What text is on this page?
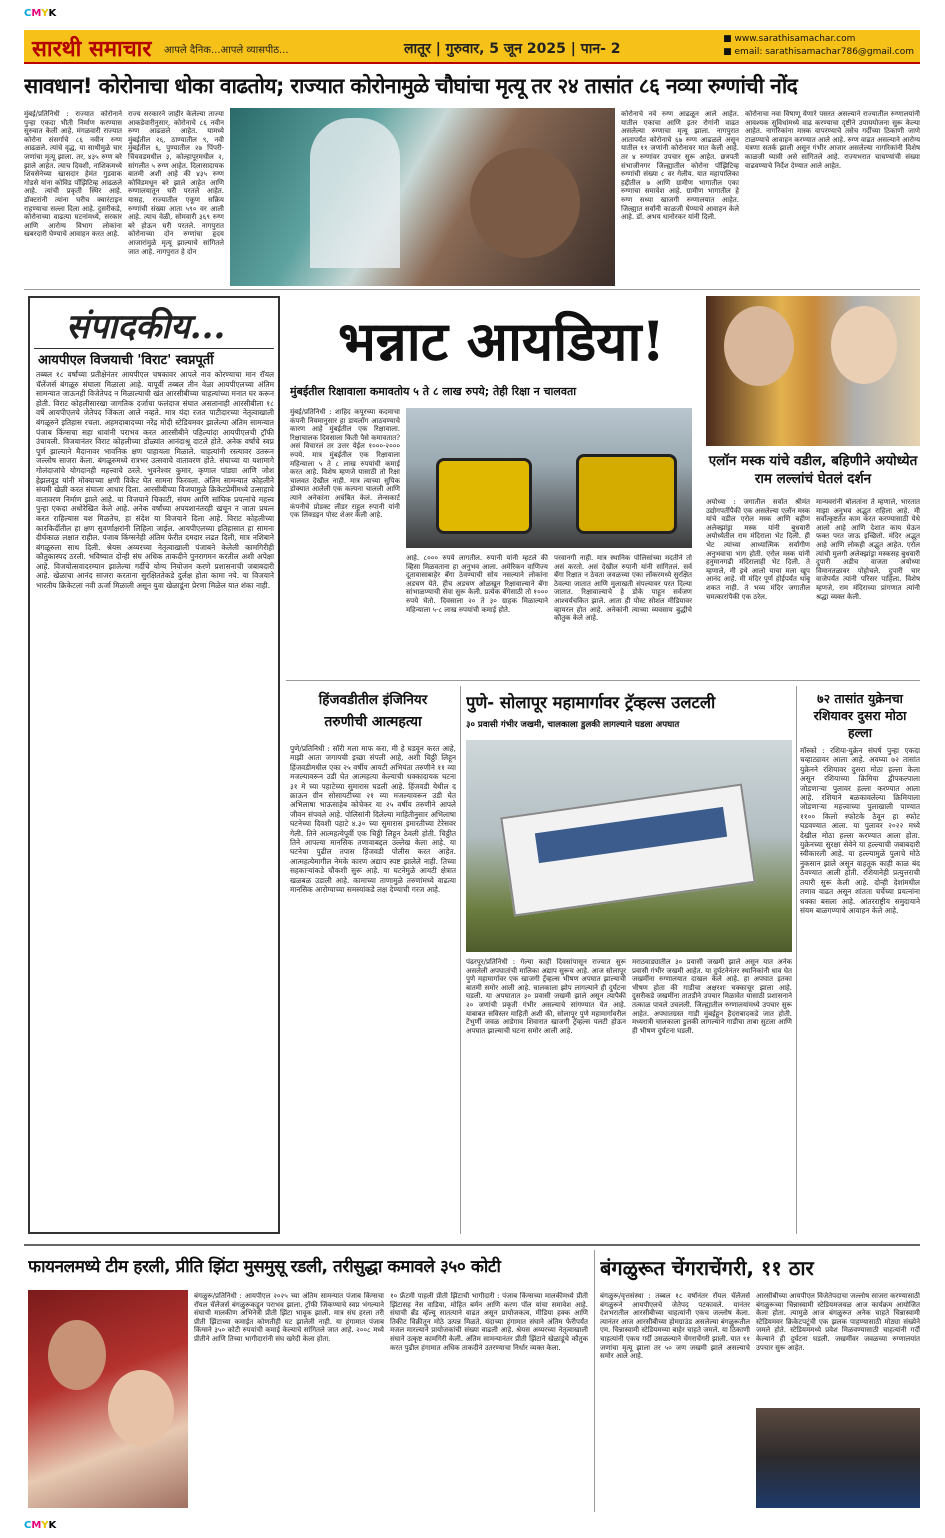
CMYK
CMYK
सारथी समाचार आपले दैनिक...आपले व्यासपीठ...	लातूर | गुरुवार, 5 जून 2025 | पान- 2
■ www.sarathisamachar.com
■ email: sarathisamachar786@gmail.com
सावधान! कोरोनाचा धोका वाढतोय; राज्यात कोरोनामुळे चौघांचा मृत्यू तर २४ तासांत ८६ नव्या रुग्णांची नोंद
मुंबई/प्रतिनिधी : राज्यात कोरोनाने पुन्हा एकदा भीती निर्माण करण्यास सुरुवात केली आहे. मंगळवारी राज्यात कोरोना संसर्गाचे ८६ नवीन रुग्ण आढळले. त्यांचे वृद्ध, या साथीमुळे चार जणांचा मृत्यू झाला. तर, ४३५ रुग्ण बरे झाले आहेत. त्याच दिवशी, नाशिकमध्ये शिवसेनेच्या खासदार हेमंत गुडवाक गोडसे यांना कोविड पॉझिटिव्ह आढळले आहे. त्यांची प्रकृती स्थिर आहे. डॉक्टरांनी त्यांना घरीच क्वारंटाइन राहण्याचा सल्ला दिला आहे. दुसरीकडे, कोरोनाच्या वाढत्या घटनांमध्ये, सरकार आणि आरोग्य विभाग लोकांना खबरदारी घेण्याचे आवाहन करत आहे.
राज्य सरकारने जाहीर केलेल्या ताज्या आकडेवारीनुसार, कोरोनाचे ८६ नवीन रुग्ण आढळले आहेत. यामध्ये मुंबईतील २६, ठाण्यातील ९, नवी मुंबईतील ६, पुण्यातील २७ पिंपरी-चिंचवडमधील ३, कोल्हापूरमधील २, सांगलीत ५ रुग्ण आहेत. दिलासादायक बातमी अशी आहे की ४३५ रुग्ण कोविडमधून बरे झाले आहेत आणि रुग्णालयातून घरी परतले आहेत. यासह, राज्यातील एकूण सक्रिय रुग्णांची संख्या आता ५९० वर आली आहे. त्याच वेळी, सोमवारी ३६९ रुग्ण बरे होऊन घरी परतले. नागपुरात कोरोनाच्या दोन रुग्णांचा हृदय आजारांमुळे मृत्यू झाल्याचे सांगितले जात आहे. नागपुरात हे दोन
कोरोनाचे नवे रुग्ण आढळून आले आहेत. यातील एकाचा आणि इतर रोगांनी वाढत असलेल्या रुग्णाचा मृत्यू झाला. नागपुरात आतापर्यंत कोरोनाचे ६७ रुग्ण आढळले असून यातील ११ जणांनी कोरोनावर मात केली आहे. तर ४ रुग्णांवर उपचार सुरू आहेत. छत्रपती संभाजीनगर जिल्ह्यातील कोरोना पॉझिटिव्ह रुग्णांची संख्या ८ वर गेलीय. यात महापालिका हद्दीतील ७ आणि ग्रामीण भागातील एका रुग्णाचा समावेश आहे. ग्रामीण भागातील हे रुग्ण सध्या खाजगी रुग्णालयात आहेत. जिल्ह्यात सर्वांनी काळजी घेण्याचे आवाहन केले आहे. डॉ. अभय धानोरकर यांनी दिली.
कोरोनाचा नवा विषाणू येणारे पसरत असल्याने राज्यातील रुग्णालयांनी आवश्यक सुविधांमध्ये वाढ करण्याचा दृष्टीने उपाययोजना सुरू केल्या आहेत. नागरिकांना मास्क वापरण्याचे तसेच गर्दीच्या ठिकाणी जाणे टाळण्याचे आवाहन करण्यात आले आहे. रुग्ण वाढत असल्याने आरोग्य यंत्रणा सतर्क झाली असून गंभीर आजार असलेल्या नागरिकांनी विशेष काळजी घ्यावी असे सांगितले आहे. राज्यभरात चाचण्यांची संख्या वाढवण्याचे निर्देश देण्यात आले आहेत.
संपादकीय...
आयपीएल विजयाची 'विराट' स्वप्नपूर्ती
तब्बल १८ वर्षांच्या प्रतीक्षेनंतर आयपीएल चषकावर आपले नाव कोरण्याचा मान रॉयल चॅलेंजर्स बंगळूरु संघाला मिळाला आहे. यापूर्वी तब्बल तीन वेळा आयपीएलच्या अंतिम सामन्यात जाऊनही विजेतेपद न मिळाल्याची खंत आरसीबीच्या चाहत्यांच्या मनात घर करून होती. विराट कोहलीसारखा जागतिक दर्जाचा फलंदाज संघात असतानाही आरसीबीला १८ वर्षे आयपीएलचे जेतेपद जिंकता आले नव्हते. मात्र यंदा रजत पाटीदारच्या नेतृत्वाखाली बंगळूरुने इतिहास रचला. अहमदाबादच्या नरेंद्र मोदी स्टेडियमवर झालेल्या अंतिम सामन्यात पंजाब किंग्सचा सहा धावांनी पराभव करत आरसीबीने पहिल्यांदा आयपीएलची ट्रॉफी उंचावली. विजयानंतर विराट कोहलीच्या डोळ्यांत आनंदाश्रू दाटले होते. अनेक वर्षांचे स्वप्न पूर्ण झाल्याने मैदानावर भावनिक क्षण पाहायला मिळाले. चाहत्यांनी रस्त्यावर उतरून जल्लोष साजरा केला. बंगळूरुमध्ये रात्रभर उत्सवाचे वातावरण होते. संघाच्या या यशामागे गोलंदाजांचे योगदानही महत्त्वाचे ठरले. भुवनेश्वर कुमार, कृणाल पांड्या आणि जोश हेझलवूड यांनी मोक्याच्या क्षणी विकेट घेत सामना फिरवला. अंतिम सामन्यात कोहलीने संयमी खेळी करत संघाला आधार दिला. आरसीबीच्या विजयामुळे क्रिकेटप्रेमींमध्ये उत्साहाचे वातावरण निर्माण झाले आहे. या विजयाने चिकाटी, संयम आणि सांघिक प्रयत्नांचे महत्त्व पुन्हा एकदा अधोरेखित केले आहे. अनेक वर्षांच्या अपयशानंतरही खचून न जाता प्रयत्न करत राहिल्यास यश मिळतेच, हा संदेश या विजयाने दिला आहे. विराट कोहलीच्या कारकिर्दीतील हा क्षण सुवर्णाक्षरांनी लिहिला जाईल. आयपीएलच्या इतिहासात हा सामना दीर्घकाळ लक्षात राहील. पंजाब किंग्सनेही अंतिम फेरीत दमदार लढत दिली, मात्र नशिबाने बंगळूरुला साथ दिली. श्रेयस अय्यरच्या नेतृत्वाखाली पंजाबने केलेली कामगिरीही कौतुकास्पद ठरली. भविष्यात दोन्ही संघ अधिक ताकदीने पुनरागमन करतील अशी अपेक्षा आहे. विजयोत्सवादरम्यान झालेल्या गर्दीचे योग्य नियोजन करणे प्रशासनाची जबाबदारी आहे. खेळाचा आनंद साजरा करताना सुरक्षिततेकडे दुर्लक्ष होता कामा नये. या विजयाने भारतीय क्रिकेटला नवी ऊर्जा मिळाली असून युवा खेळाडूंना प्रेरणा मिळेल यात शंका नाही.
भन्नाट आयडिया!
मुंबईतील रिक्षावाला कमावतोय ५ ते ८ लाख रुपये; तेही रिक्षा न चालवता
मुंबई/प्रतिनिधी : शाहिद कपूरच्या कदमाचा कंपनी नियमानुसार हा डायलॉग आठवण्याचे कारण आहे मुंबईतील एक रिक्षावाला. रिक्षाचालक दिवसाला किती पैसे कमावतात? असं विचारलं तर उत्तर येईल १०००-२००० रुपये. मात्र मुंबईतील एक रिक्षावाला महिन्याला ५ ते ८ लाख रुपयांची कमाई करत आहे. विशेष म्हणजे यासाठी तो रिक्षा चालवत देखील नाही. मात्र त्याच्या सुपिक डोक्यात आलेली एक कल्पना चालली आणि त्याने अनेकांना अचंबित केलं. लेन्सकार्ट कंपनीचे प्रोडक्ट लीडर राहुल रुपानी यांनी एक लिंक्डइन पोस्ट शेअर केली आहे.
आहे. ८००० रुपये लागतील. रुपानी यांनी म्हटले की व्हिसा मिळवताना हा अनुभव आला. अमेरिकन वाणिज्य दूतावासाबाहेर बॅगा ठेवण्याची सोय नसल्याने लोकांना अडचण येते. हीच अडचण ओळखून रिक्षावाल्याने बॅगा सांभाळण्याची सेवा सुरू केली. प्रत्येक बॅगेसाठी तो १००० रुपये घेतो. दिवसाला २० ते ३० ग्राहक मिळाल्याने महिन्याला ५-८ लाख रुपयांची कमाई होते.
परवानगी नाही. मात्र स्थानिक पोलिसांच्या मदतीने तो असं करतो. असं देखील रुपानी यांनी सांगितलं. सर्व बॅगा रिक्षात न ठेवता जवळच्या एका लॉकरमध्ये सुरक्षित ठेवल्या जातात आणि मुलाखती संपल्यावर परत दिल्या जातात. रिक्षावाल्याचे हे डोके पाहून सर्वजण आश्चर्यचकित झाले. आता ही पोस्ट सोशल मीडियावर व्हायरल होत आहे. अनेकांनी त्याच्या व्यवसाय बुद्धीचे कौतुक केले आहे.
एलॉन मस्क यांचे वडील, बहिणीने अयोध्येत राम लल्लांचं घेतलं दर्शन
अयोध्या : जगातील सर्वात श्रीमंत उद्योगपतींपैकी एक असलेल्या एलॉन मस्क यांचे वडील एरोल मस्क आणि बहीण अलेक्झांड्रा मस्क यांनी बुधवारी अयोध्येतील राम मंदिराला भेट दिली. ही भेट त्यांच्या आध्यात्मिक सर्वांगीण अनुभवाचा भाग होती. एरोल मस्क यांनी हनुमानगढी मंदिरालाही भेट दिली. ते म्हणाले, मी इथे आलो याचा मला खूप आनंद आहे. मी मंदिर पूर्ण होईपर्यंत थांबू शकत नाही. ते भव्य मंदिर जगातील चमत्कारांपैकी एक ठरेल.
मान्यवरांनी बोलतांना ते म्हणाले, भारतात माझा अनुभव अद्भुत राहिला आहे. मी सर्वोत्कृष्टतेत काम करत करण्यासाठी येथे आलो आहे आणि देशात काय घेऊन फक्त परत जाऊ इच्छितो. मंदिर अद्भुत आहे आणि लोकही अद्भुत आहेत. एरोल त्यांची मुलगी अलेक्झांड्रा मस्कसह बुधवारी दुपारी अडीच वाजता अयोध्या विमानतळावर पोहोचले. दुपारी चार वाजेपर्यंत त्यांनी परिसर पाहिला. विशेष म्हणजे, राम मंदिराच्या प्रांगणात त्यांनी श्रद्धा व्यक्त केली.
हिंजवडीतील इंजिनियर
तरुणीची आत्महत्या
पुणे/प्रतिनिधी : सॉरी मला माफ करा, मी हे घडवून करत आहे, माझी आता जगायची इच्छा संपली आहे, अशी चिठ्ठी लिहून हिंजवडीमधील एका २५ वर्षीय आयटी अभियंता तरुणीने ११ व्या मजल्यावरून उडी घेत आत्महत्या केल्याची धक्कादायक घटना ३१ मे च्या पहाटेच्या सुमारास घडली आहे. हिंजवडी येथील द क्राऊन ग्रीन सोसायटीच्या २१ व्या मजल्यावरून उडी घेत अभिलाषा भाऊसाहेब कोचेकर या २५ वर्षीय तरुणीने आपले जीवन संपवले आहे. पोलिसांनी दिलेल्या माहितीनुसार अभिलाषा घटनेच्या दिवशी पहाटे ४.३० च्या सुमारास इमारतीच्या टेरेसवर गेली. तिने आत्महत्येपूर्वी एक चिठ्ठी लिहून ठेवली होती. चिठ्ठीत तिने आपल्या मानसिक तणावाबद्दल उल्लेख केला आहे. या घटनेचा पुढील तपास हिंजवडी पोलीस करत आहेत. आत्महत्येमागील नेमके कारण अद्याप स्पष्ट झालेले नाही. तिच्या सहकाऱ्यांकडे चौकशी सुरू आहे. या घटनेमुळे आयटी क्षेत्रात खळबळ उडाली आहे. कामाच्या ताणामुळे तरुणांमध्ये वाढत्या मानसिक आरोग्याच्या समस्यांकडे लक्ष देण्याची गरज आहे.
पुणे- सोलापूर महामार्गावर ट्रॅव्हल्स उलटली
३० प्रवासी गंभीर जखमी, चालकाला डुलकी लागल्याने घडला अपघात
पंढरपूर/प्रतिनिधी : गेल्या काही दिवसांपासून राज्यात सुरू असलेली अपघातांची मालिका अद्याप सुरूच आहे. आज सोलापूर पुणे महामार्गावर एक खाजगी ट्रॅव्हल्स भीषण अपघात झाल्याची बातमी समोर आली आहे. चालकाला झोप लागल्याने ही दुर्घटना घडली. या अपघातात ३० प्रवासी जखमी झाले असून त्यापैकी २० जणांची प्रकृती गंभीर असल्याचे सांगण्यात येत आहे. याबाबत सविस्तर माहिती अशी की, सोलापूर पुणे महामार्गावरील टेंभुर्णी जवळ आडेगाव शिवारात खाजगी ट्रॅव्हल्स पलटी होऊन अपघात झाल्याची घटना समोर आली आहे.
मराठवाड्यातील ३० प्रवासी जखमी झाले असून यात अनेक प्रवासी गंभीर जखमी आहेत. या दुर्घटनेनंतर स्थानिकांनी धाव घेत जखमींना रुग्णालयात दाखल केले आहे. हा अपघात इतका भीषण होता की गाडीचा अक्षरशः चक्काचूर झाला आहे. दुसरीकडे जखमींना तातडीने उपचार मिळावेत यासाठी प्रशासनाने तत्काळ पावले उचलली. जिल्ह्यातील रुग्णालयांमध्ये उपचार सुरू आहेत. अपघातग्रस्त गाडी मुंबईहून हैदराबादकडे जात होती. मध्यरात्री चालकाला डुलकी लागल्याने गाडीचा ताबा सुटला आणि ही भीषण दुर्घटना घडली.
७२ तासांत युक्रेनचा रशियावर दुसरा मोठा हल्ला
मॉस्को : रशिया-युक्रेन संघर्ष पुन्हा एकदा चव्हाट्यावर आला आहे. अवघ्या ७२ तासांत युक्रेनने रशियावर दुसरा मोठा हल्ला केला असून रशियाच्या क्रिमिया द्वीपकल्पाला जोडणाऱ्या पुलावर हल्ला करण्यात आला आहे. रशियाने बळकावलेल्या क्रिमियाला जोडणाऱ्या महत्त्वाच्या पुलाखाली पाण्यात ११०० किलो स्फोटके ठेवून हा स्फोट घडवण्यात आला. या पुलावर २०२२ मध्ये देखील मोठा हल्ला करण्यात आला होता. युक्रेनच्या सुरक्षा सेवेने या हल्ल्याची जबाबदारी स्वीकारली आहे. या हल्ल्यामुळे पुलाचे मोठे नुकसान झाले असून वाहतूक काही काळ बंद ठेवण्यात आली होती. रशियानेही प्रत्युत्तराची तयारी सुरू केली आहे. दोन्ही देशांमधील तणाव वाढत असून शांतता चर्चेच्या प्रयत्नांना धक्का बसला आहे. आंतरराष्ट्रीय समुदायाने संयम बाळगण्याचे आवाहन केले आहे.
फायनलमध्ये टीम हरली, प्रीति झिंटा मुसमुसू रडली, तरीसुद्धा कमावले ३५० कोटी
बंगळुरू/प्रतिनिधी : आयपीएल २०२५ च्या अंतिम सामन्यात पंजाब किंग्सचा रॉयल चॅलेंजर्स बंगळुरूकडून पराभव झाला. ट्रॉफी जिंकण्याचे स्वप्न भंगल्याने संघाची मालकीण अभिनेत्री प्रीती झिंटा भावूक झाली. मात्र संघ हरला तरी प्रीती झिंटाच्या कमाईत कोणतीही घट झालेली नाही. या हंगामात पंजाब किंग्सने ३५० कोटी रुपयांची कमाई केल्याचे सांगितले जात आहे. २००८ मध्ये प्रीतीने आणि तिच्या भागीदारांनी संघ खरेदी केला होता.
१० फ्रँटमी पाहली प्रीती झिंटाची भागीदारी : पंजाब किंग्सच्या मालकीमध्ये प्रीती झिंटासह नेस वाडिया, मोहित बर्मन आणि करण पॉल यांचा समावेश आहे. संघाची ब्रँड व्हॅल्यू सातत्याने वाढत असून प्रायोजकत्व, मीडिया हक्क आणि तिकीट विक्रीतून मोठे उत्पन्न मिळते. यंदाच्या हंगामात संघाने अंतिम फेरीपर्यंत मजल मारल्याने प्रायोजकांची संख्या वाढली आहे. श्रेयस अय्यरच्या नेतृत्वाखाली संघाने उत्कृष्ट कामगिरी केली. अंतिम सामन्यानंतर प्रीती झिंटाने खेळाडूंचे कौतुक करत पुढील हंगामात अधिक ताकदीने उतरण्याचा निर्धार व्यक्त केला.
बंगळुरूत चेंगराचेंगरी, ११ ठार
बंगळुरू/वृत्तसंस्था : तब्बल १८ वर्षांनंतर रॉयल चॅलेंजर्स बंगळुरूने आयपीएलचे जेतेपद पटकावले. यानंतर देशभरातील आरसीबीच्या चाहत्यांनी एकच जल्लोष केला. त्यानंतर आज आरसीबीच्या होमग्राउंड असलेल्या बंगळुरूतील एम. चिन्नास्वामी स्टेडियमच्या बाहेर चाहते जमले. या ठिकाणी चाहत्यांनी एकच गर्दी उसळल्याने चेंगराचेंगरी झाली. यात ११ जणांचा मृत्यू झाला तर ५० जण जखमी झाले असल्याचे समोर आले आहे.
आरसीबीच्या आयपीएल विजेतेपदाचा जल्लोष साजरा करण्यासाठी बंगळुरूच्या चिन्नास्वामी स्टेडियमजवळ आज कार्यक्रम आयोजित केला होता. त्यामुळे आज बंगळुरूत अनेक चाहते चिन्नास्वामी स्टेडियमवर क्रिकेटपटूंची एक झलक पाहण्यासाठी मोठ्या संख्येने जमले होते. स्टेडियममध्ये प्रवेश मिळवण्यासाठी चाहत्यांनी गर्दी केल्याने ही दुर्घटना घडली. जखमींवर जवळच्या रुग्णालयांत उपचार सुरू आहेत.
